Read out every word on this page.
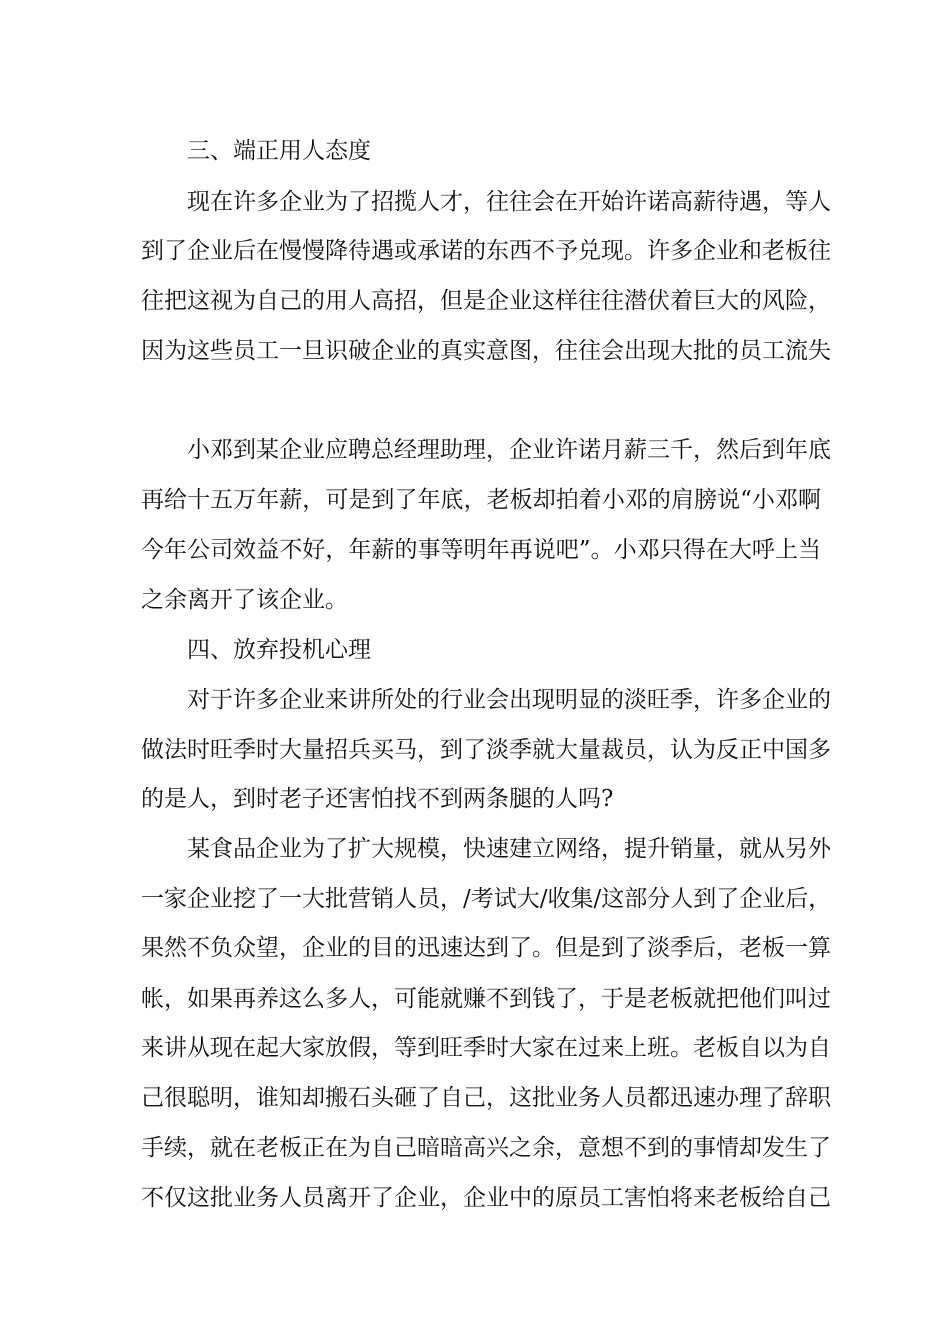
三、端正用人态度
现在许多企业为了招揽人才，往往会在开始许诺高薪待遇，等人
到了企业后在慢慢降待遇或承诺的东西不予兑现。许多企业和老板往
往把这视为自己的用人高招，但是企业这样往往潜伏着巨大的风险，
因为这些员工一旦识破企业的真实意图，往往会出现大批的员工流失
小邓到某企业应聘总经理助理，企业许诺月薪三千，然后到年底
再给十五万年薪，可是到了年底，老板却拍着小邓的肩膀说“小邓啊
今年公司效益不好，年薪的事等明年再说吧”。小邓只得在大呼上当
之余离开了该企业。
四、放弃投机心理
对于许多企业来讲所处的行业会出现明显的淡旺季，许多企业的
做法时旺季时大量招兵买马，到了淡季就大量裁员，认为反正中国多
的是人，到时老子还害怕找不到两条腿的人吗?
某食品企业为了扩大规模，快速建立网络，提升销量，就从另外
一家企业挖了一大批营销人员，/考试大/收集/这部分人到了企业后，
果然不负众望，企业的目的迅速达到了。但是到了淡季后，老板一算
帐，如果再养这么多人，可能就赚不到钱了，于是老板就把他们叫过
来讲从现在起大家放假，等到旺季时大家在过来上班。老板自以为自
己很聪明，谁知却搬石头砸了自己，这批业务人员都迅速办理了辞职
手续，就在老板正在为自己暗暗高兴之余，意想不到的事情却发生了
不仅这批业务人员离开了企业，企业中的原员工害怕将来老板给自己
